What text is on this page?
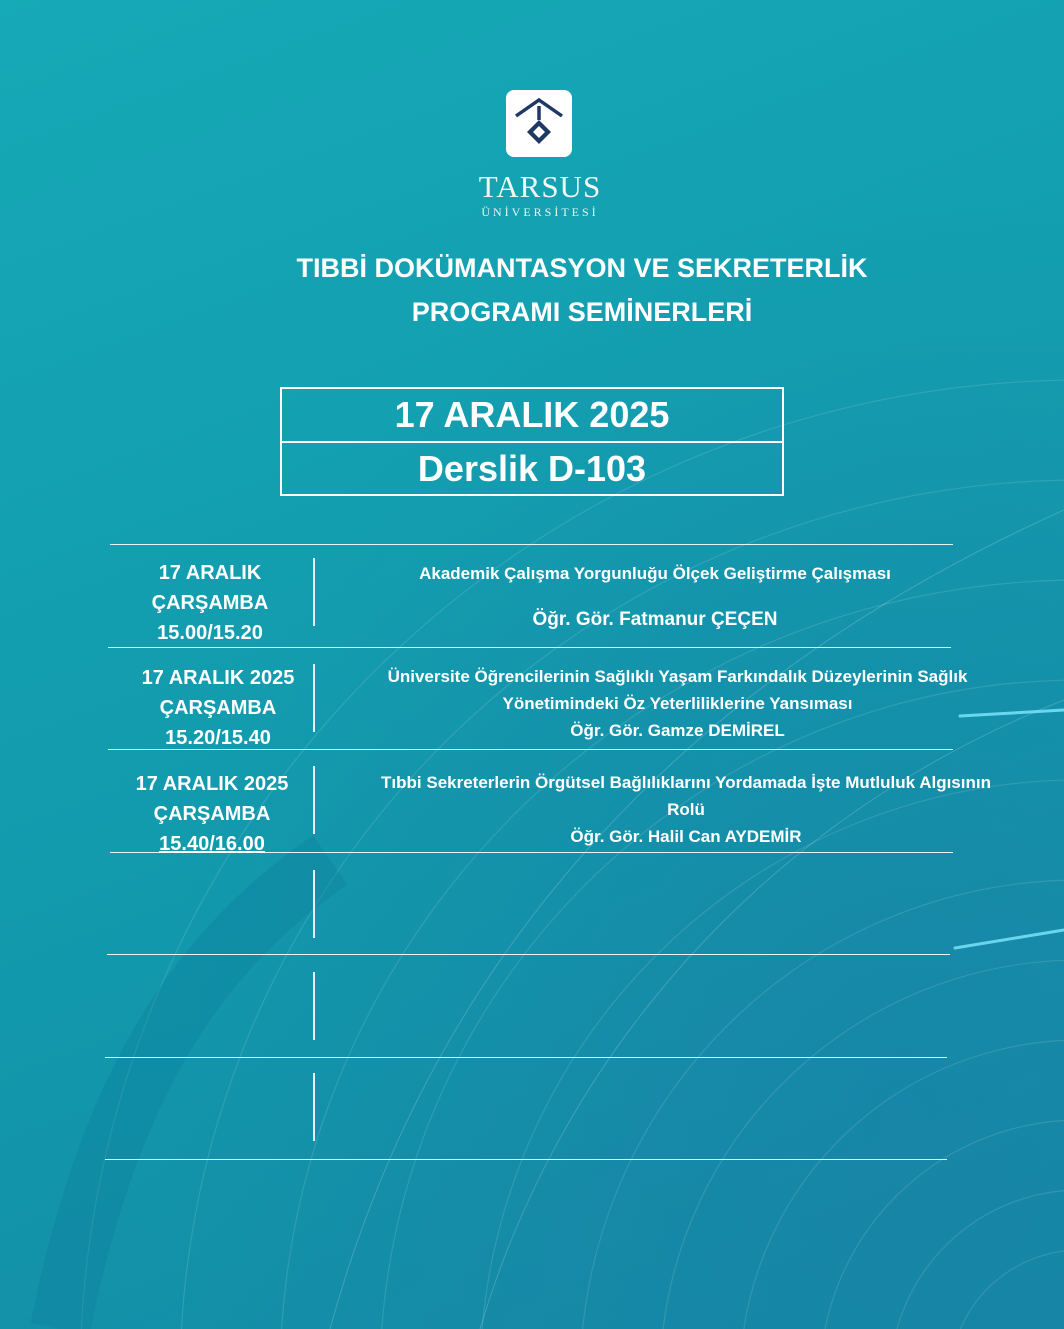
TARSUS
ÜNİVERSİTESİ
TIBBİ DOKÜMANTASYON VE SEKRETERLİK
PROGRAMI SEMİNERLERİ
17 ARALIK 2025
Derslik D-103
17 ARALIK
ÇARŞAMBA
15.00/15.20
Akademik Çalışma Yorgunluğu Ölçek Geliştirme Çalışması
Öğr. Gör. Fatmanur ÇEÇEN
17 ARALIK 2025
ÇARŞAMBA
15.20/15.40
Üniversite Öğrencilerinin Sağlıklı Yaşam Farkındalık Düzeylerinin Sağlık
Yönetimindeki Öz Yeterliliklerine Yansıması
Öğr. Gör. Gamze DEMİREL
17 ARALIK 2025
ÇARŞAMBA
15.40/16.00
Tıbbi Sekreterlerin Örgütsel Bağlılıklarını Yordamada İşte Mutluluk Algısının
Rolü
Öğr. Gör. Halil Can AYDEMİR
